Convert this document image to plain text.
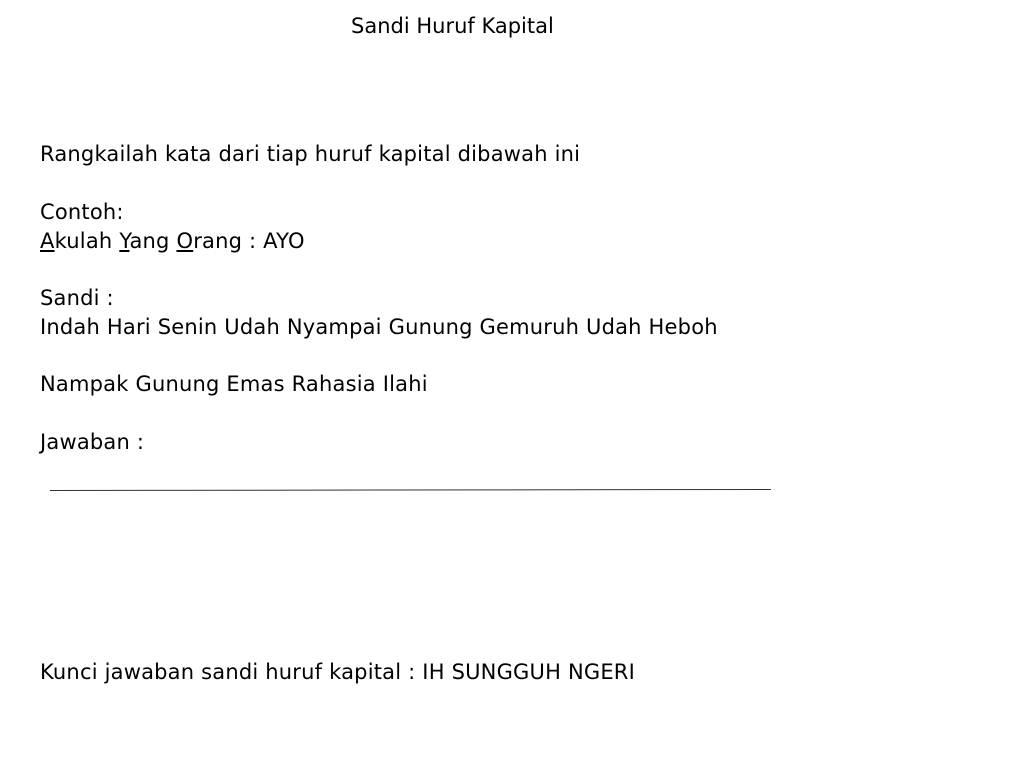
Sandi Huruf Kapital
Rangkailah kata dari tiap huruf kapital dibawah ini
Contoh:
Akulah Yang Orang : AYO
Sandi :
Indah Hari Senin Udah Nyampai Gunung Gemuruh Udah Heboh
Nampak Gunung Emas Rahasia Ilahi
Jawaban :
Kunci jawaban sandi huruf kapital : IH SUNGGUH NGERI
